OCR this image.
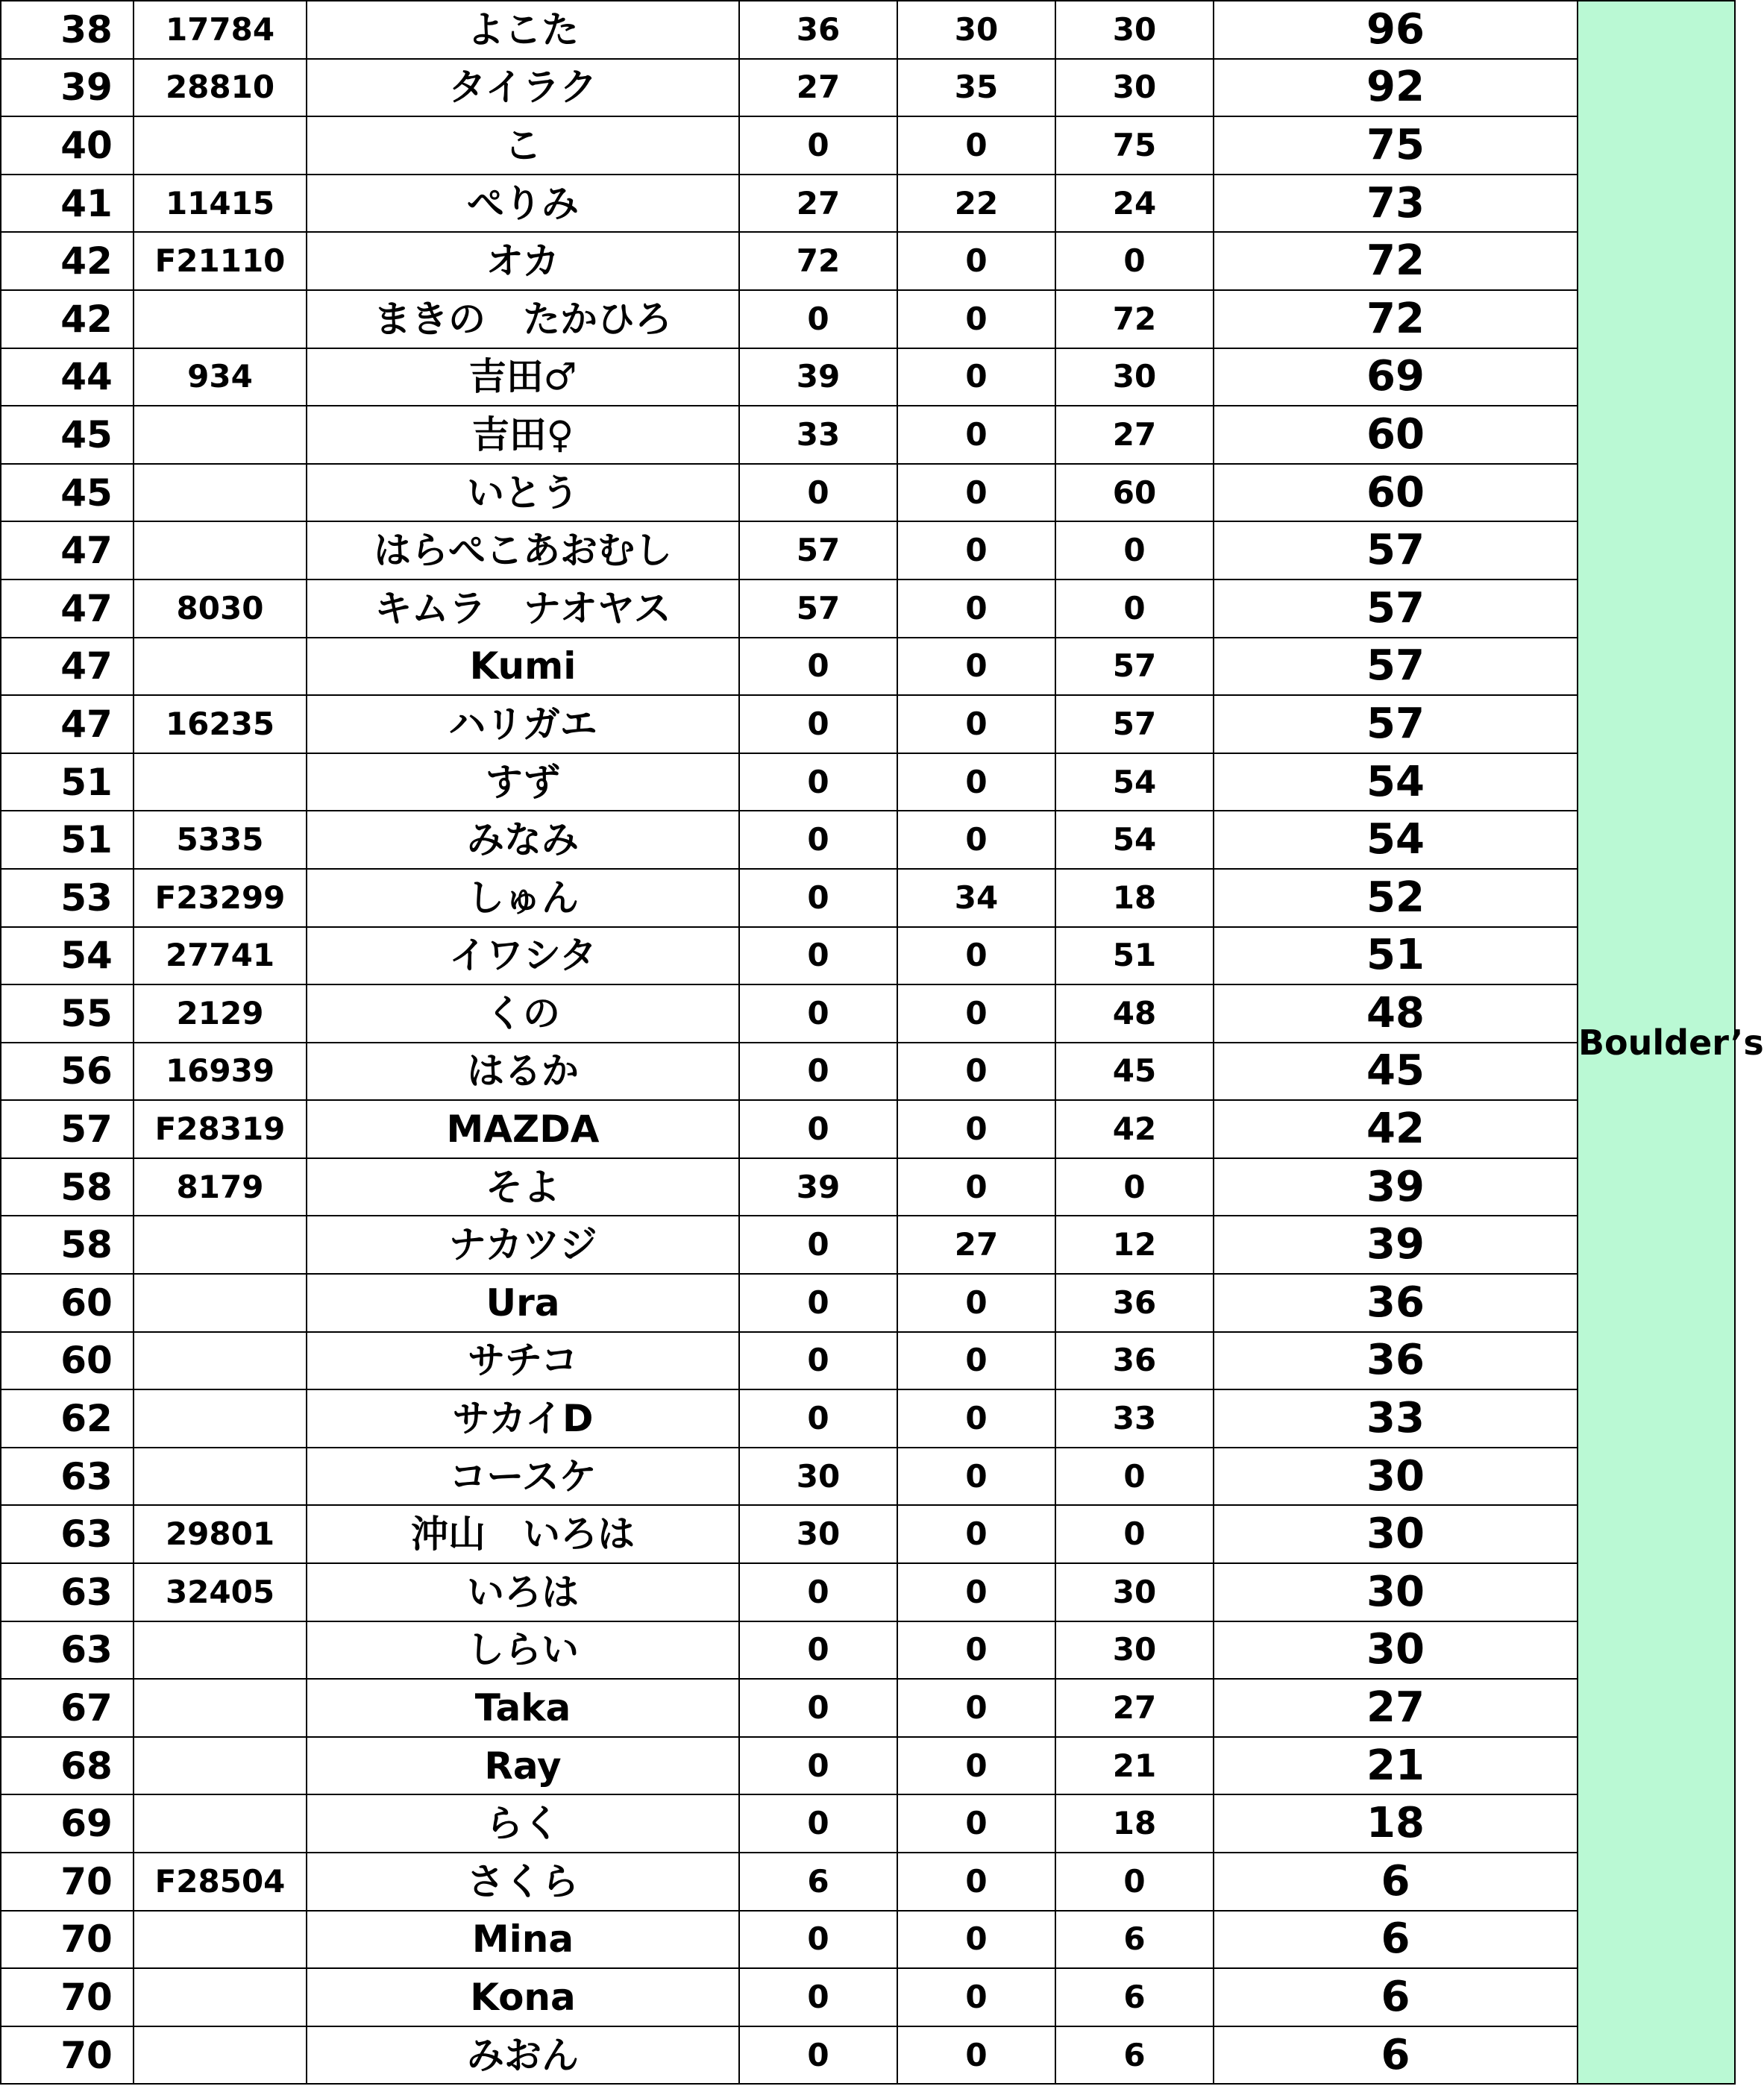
38	17784	よこた	36	30	30	96	Boulder’s
39	28810	タイラク	27	35	30	92	
40		こ	0	0	75	75	
41	11415	ぺりみ	27	22	24	73	
42	F21110	オカ	72	0	0	72	
42		まきの　たかひろ	0	0	72	72	
44	934	吉田♂	39	0	30	69	
45		吉田♀	33	0	27	60	
45		いとう	0	0	60	60	
47		はらぺこあおむし	57	0	0	57	
47	8030	キムラ　ナオヤス	57	0	0	57	
47		Kumi	0	0	57	57	
47	16235	ハリガエ	0	0	57	57	
51		すず	0	0	54	54	
51	5335	みなみ	0	0	54	54	
53	F23299	しゅん	0	34	18	52	
54	27741	イワシタ	0	0	51	51	
55	2129	くの	0	0	48	48	
56	16939	はるか	0	0	45	45	
57	F28319	MAZDA	0	0	42	42	
58	8179	そよ	39	0	0	39	
58		ナカツジ	0	27	12	39	
60		Ura	0	0	36	36	
60		サチコ	0	0	36	36	
62		サカイD	0	0	33	33	
63		コースケ	30	0	0	30	
63	29801	沖山　いろは	30	0	0	30	
63	32405	いろは	0	0	30	30	
63		しらい	0	0	30	30	
67		Taka	0	0	27	27	
68		Ray	0	0	21	21	
69		らく	0	0	18	18	
70	F28504	さくら	6	0	0	6	
70		Mina	0	0	6	6	
70		Kona	0	0	6	6	
70		みおん	0	0	6	6	
